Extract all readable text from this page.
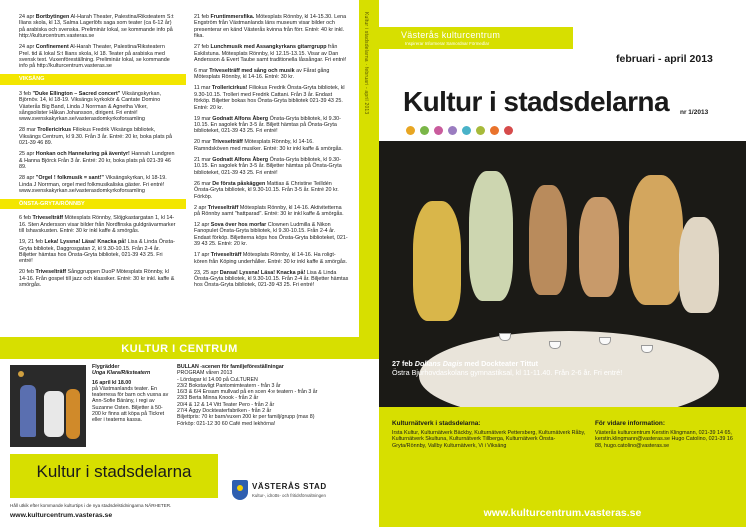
24 apr Bortbytingen Al-Harah Theater, Palestina/Riksteatern S:t Ilians skola, kl 13, Salma Lagerlöfs saga som teater (ca 6-12 år) på arabiska och svenska. Preliminär lokal, se kommande info på http://kulturcentrum.vasteras.se
24 apr Confinement Al-Harah Theater, Palestina/Riksteatern Prel. tid & lokal S:t Ilians skola, kl 18. Teater på arabiska med svensk text. Vuxenföreställning. Preliminär lokal, se kommande info på http://kulturcentrum.vasteras.se
VIKSÄNG
3 feb "Duke Ellington – Sacred concert" Viksängskyrkan, Björnöv. 14, kl 18-19. Viksängs kyrkokör & Cantate Domino Västerås Big Band, Linda J Norrman & Agnetha Viker, sångsolister Håkan Johansson, dirigent. Fri entré! www.svenskakyrkan.se/vasterasdomkyrkoforsamling
28 mar Trollericirkus Filiokus Fredrik Viksängs bibliotek, Viksängs Centrum, kl 9.30. Från 3 år. Entré: 20 kr, boka plats på 021-39 46 89.
25 apr Honkan och Hanneluring på äventyr! Hannah Lundgren & Hanna Björck Från 3 år. Entré: 20 kr, boka plats på 021-39 46 89.
28 apr "Orgel ! folkmusik = sant!" Viksängskyrkan, kl 18-19. Linda J Norrman, orgel med folkmusikaliska gäster. Fri entré! www.svenskakyrkan.se/vasterasdomkyrkoforsamling
ÖNSTA-GRYTA/RÖNNBY
6 feb Triveselträff Mötesplats Rönnby, Slöjgkastargatan 1, kl 14-16. Sten Andersson visar bilder från Nordfinska guldgrävarmarker till Ishavskusten. Entré: 30 kr inkl kaffe & smörgås.
19, 21 feb Leka! Lyssna! Läsa! Knacka på! Lisa & Linda Önsta-Gryta bibliotek, Daggrosgatan 2, kl 9.30-10.15. Från 2-4 år. Biljetter hämtas hos Önsta-Gryta bibliotek, 021-39 43 25. Fri entré!
20 feb Triveselträff Sånggruppen DuoP Mötesplats Rönnby, kl 14-16. Från gospel till jazz och klassiker. Entré: 30 kr inkl. kaffe & smörgås.
21 feb Fruntimmersfika. Mötesplats Rönnby, kl 14-15.30. Lena Engström från Västmanlands läns museum visar bilder och presenterar en känd Västerås kvinna från förr. Entré: 40 kr inkl. fika.
27 feb Lunchmusik med Assangkyrkans gitarrgrupp från Eskilstuna. Mötesplats Rönnby, kl 12.15-13.15. Visar av Dan Andersson & Evert Taube samt traditionella låssångar. Fri entré!
6 mar Triveselträff med sång och musik av Fårat gång Mötesplats Rönnby, kl 14-16. Entré: 30 kr.
11 mar Trollericirkus! Filiokus Fredrik Önsta-Gryta bibliotek, kl 9.30-10.15. Trolleri med Fredrik Cattani. Från 3 år. Endast förköp. Biljetter bokas hos Önsta-Gryta bibliotek 021-39 43 25. Entré: 20 kr.
19 mar Godnatt Alfons Åberg Önsta-Gryta bibliotek, kl 9.30-10.15. En sagolek från 3-5 år. Biljett hämtas på Önsta-Gryta biblioteket, 021-39 43 25. Fri entré!
20 mar Triveselträff Mötesplats Rönnby, kl 14-16. Ramndsköven med musiker. Entré: 30 kr inkl kaffe & smörgås.
21 mar Godnatt Alfons Åberg Önsta-Gryta bibliotek, kl 9.30-10.15. En sagolek från 3-5 år. Biljetter hämtas på Önsta-Gryta biblioteket, 021-39 43 25. Fri entré!
26 mar De första påskäggen Mattias & Christine Teilldén Önsta-Gryta bibliotek, kl 9.30-10.15. Från 3-5 år. Entré 20 kr. Förköp.
2 apr Triveselträff Mötesplats Rönnby, kl 14-16. Aktivitetterna på Rönnby samt "hattparad". Entré: 30 kr inkl kaffe & smörgås.
12 apr Sova över hos morfar Clownen Ludmilla & Nikon Fanopulet Önsta-Gryta bibliotek, kl 9.30-10.15. Från 2-4 år. Endast förköp. Biljetterna köps hos Önsta-Gryta biblioteket, 021-39 43 25. Entré: 20 kr.
17 apr Triveselträff Mötesplats Rönnby, kl 14-16. Ha roligt-kören från Köping underhåller. Entré: 30 kr inkl kaffe & smörgås.
23, 25 apr Dansa! Lyssna! Läsa! Knacka på! Lisa & Linda Önsta-Gryta bibliotek, kl 9.30-10.15. Från 2-4 år. Biljetter hämtas hos Önsta-Gryta bibliotek, 021-39 43 25. Fri entré!
Kultur i stadsdelarna · februari - april 2013
KULTUR I CENTRUM
Flygrädder
Unga Klara/Riksteatern
16 april kl 18.00
på Västmanlands teater. En teaterresa för barn och vuxna av Ann-Sofie Bárány, i regi av Suzanne Osten. Biljetter à 50-200 kr finns att köpa på Tickret eller i teaterns kassa.
BULLAN -scenen för familjeföreställningar
PROGRAM våren 2013
- Lördagar kl 14.00 på CuLTUREN
23/2 Bokstavligt Pantomimteatern - från 3 år
16/3 & 6/4 Ensam mullvad på en scen 4:e teatern - från 3 år
23/3 Berta Minna Knook - från 2 år
20/4 & 12 & 14 Vitt Teater Pero - från 2 år
27/4 Äggy Dockteaterfabriken - från 2 år
Biljettpris: 70 kr barn/vuxen 200 kr per familj/grupp (max 8)
Förköp: 021-12 30 60 Café med lekhörna!
Kultur i stadsdelarna
Håll utkik efter kommande kulturtips i de nya stadsdelstidningarna NÄRHETER.
www.kulturcentrum.vasteras.se
VÄSTERÅS STAD
Kultur-, idrotts- och fritidsförvaltningen
Västerås kulturcentrum
Inspirerar Informerar Samordnar Förmedlar
februari - april 2013
Kultur i stadsdelarna nr 1/2013
27 feb Dollans Dagis med Dockteater Tittut
Östra Bjurhovdaskolans gymnastiksal, kl 11-11.40. Från 2-6 år. Fri entré!
Kulturnätverk i stadsdelarna:
Irsta Kultur, Kulturnätverk Bäckby, Kulturnätverk Pettersberg, Kulturnätverk Råby, Kulturnätverk Skultuna, Kulturnätverk Tillberga, Kulturnätverk Önsta-Gryta/Rönnby, Vallby Kulturnätverk, Vi i Viksäng
För vidare information:
Västerås kulturcentrum Kerstin Klingmann, 021-39 14 65, kerstin.klingmann@vasteras.se Hugo Catolino, 021-39 16 88, hugo.catolino@vasteras.se
www.kulturcentrum.vasteras.se
